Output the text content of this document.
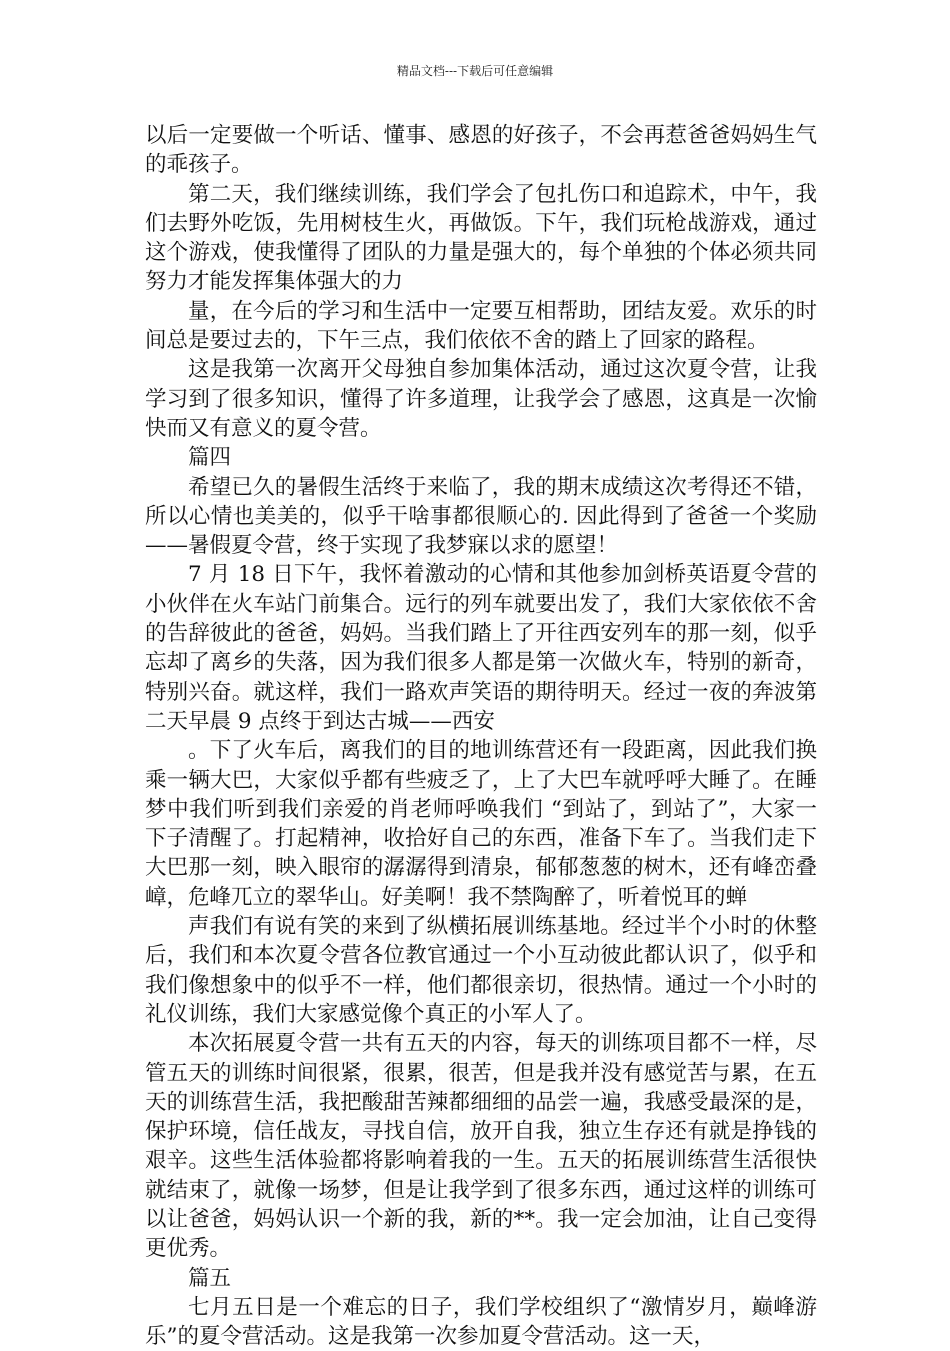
精品文档---下载后可任意编辑

以后一定要做一个听话、懂事、感恩的好孩子，不会再惹爸爸妈妈生气的乖孩子。

第二天，我们继续训练，我们学会了包扎伤口和追踪术，中午，我们去野外吃饭，先用树枝生火，再做饭。下午，我们玩枪战游戏，通过这个游戏，使我懂得了团队的力量是强大的，每个单独的个体必须共同努力才能发挥集体强大的力

量，在今后的学习和生活中一定要互相帮助，团结友爱。欢乐的时间总是要过去的，下午三点，我们依依不舍的踏上了回家的路程。

这是我第一次离开父母独自参加集体活动，通过这次夏令营，让我学习到了很多知识，懂得了许多道理，让我学会了感恩，这真是一次愉快而又有意义的夏令营。

篇四

希望已久的暑假生活终于来临了，我的期末成绩这次考得还不错，所以心情也美美的，似乎干啥事都很顺心的. 因此得到了爸爸一个奖励——暑假夏令营，终于实现了我梦寐以求的愿望！

7 月 18 日下午，我怀着激动的心情和其他参加剑桥英语夏令营的小伙伴在火车站门前集合。远行的列车就要出发了，我们大家依依不舍的告辞彼此的爸爸，妈妈。当我们踏上了开往西安列车的那一刻，似乎忘却了离乡的失落，因为我们很多人都是第一次做火车，特别的新奇，特别兴奋。就这样，我们一路欢声笑语的期待明天。经过一夜的奔波第二天早晨 9 点终于到达古城——西安

。下了火车后，离我们的目的地训练营还有一段距离，因此我们换乘一辆大巴，大家似乎都有些疲乏了，上了大巴车就呼呼大睡了。在睡梦中我们听到我们亲爱的肖老师呼唤我们 “到站了，到站了”，大家一下子清醒了。打起精神，收拾好自己的东西，准备下车了。当我们走下大巴那一刻，映入眼帘的潺潺得到清泉，郁郁葱葱的树木，还有峰峦叠嶂，危峰兀立的翠华山。好美啊！我不禁陶醉了，听着悦耳的蝉

声我们有说有笑的来到了纵横拓展训练基地。经过半个小时的休整后，我们和本次夏令营各位教官通过一个小互动彼此都认识了，似乎和我们像想象中的似乎不一样，他们都很亲切，很热情。通过一个小时的礼仪训练，我们大家感觉像个真正的小军人了。

本次拓展夏令营一共有五天的内容，每天的训练项目都不一样，尽管五天的训练时间很紧，很累，很苦，但是我并没有感觉苦与累，在五天的训练营生活，我把酸甜苦辣都细细的品尝一遍，我感受最深的是，保护环境，信任战友，寻找自信，放开自我，独立生存还有就是挣钱的艰辛。这些生活体验都将影响着我的一生。五天的拓展训练营生活很快就结束了，就像一场梦，但是让我学到了很多东西，通过这样的训练可以让爸爸，妈妈认识一个新的我，新的**。我一定会加油，让自己变得更优秀。

篇五

七月五日是一个难忘的日子，我们学校组织了“激情岁月，巅峰游乐”的夏令营活动。这是我第一次参加夏令营活动。这一天，
